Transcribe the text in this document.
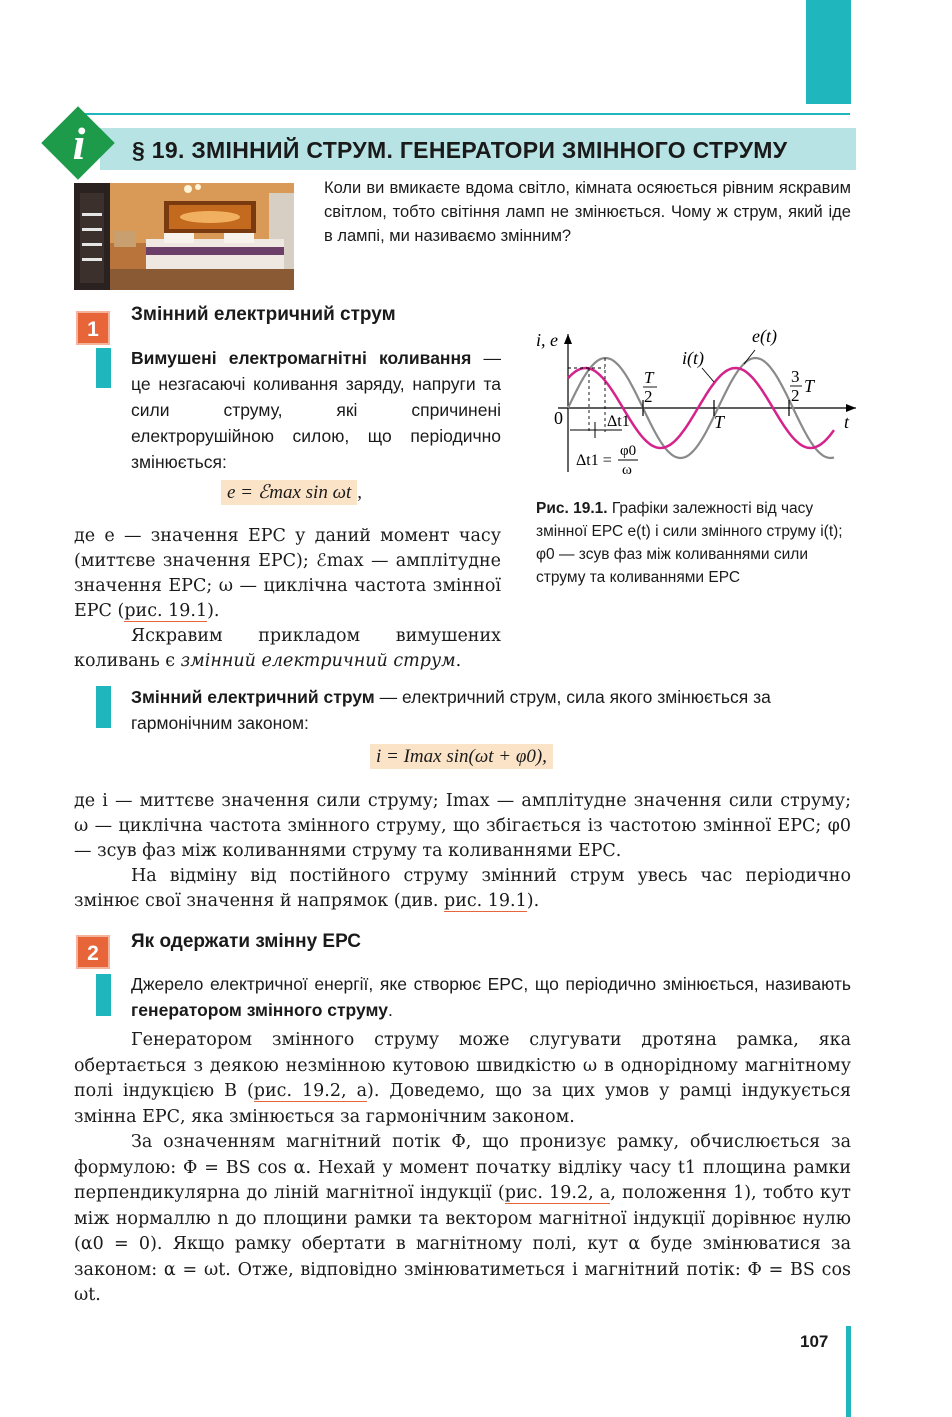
i	§ 19. ЗМІННИЙ СТРУМ. ГЕНЕРАТОРИ ЗМІННОГО СТРУМУ
Коли ви вмикаєте вдома світло, кімната осяюється рівним яскравим світлом, тобто світіння ламп не змінюється. Чому ж струм, який іде в лампі, ми називаємо змінним?
1
Змінний електричний струм
Вимушені електромагнітні коливання — це незгасаючі коливання заряду, напруги та сили струму, які спричинені електрорушійною силою, що періодично змінюється:
e = ℰmax sin ωt ,
де e — значення ЕРС у даний момент часу (миттєве значення ЕРС); ℰmax — амплітудне значення ЕРС; ω — циклічна частота змінної ЕРС (рис. 19.1).
Яскравим прикладом вимушених коливань є змінний електричний струм.
i, e	e(t)
i(t)
t
0	T
T
2
3
2 T
Δt1
Δt1 =
φ0
ω
Рис. 19.1. Графіки залежності від часу змінної ЕРС e(t) і сили змінного струму i(t); φ0 — зсув фаз між коливаннями сили струму та коливаннями ЕРС
Змінний електричний струм — електричний струм, сила якого змінюється за гармонічним законом:
i = Imax sin(ωt + φ0),
де i — миттєве значення сили струму; Imax — амплітудне значення сили струму; ω — циклічна частота змінного струму, що збігається із частотою змінної ЕРС; φ0 — зсув фаз між коливаннями струму та коливаннями ЕРС.
На відміну від постійного струму змінний струм увесь час періодично змінює свої значення й напрямок (див. рис. 19.1).
2
Як одержати змінну ЕРС
Джерело електричної енергії, яке створює ЕРС, що періодично змінюється, називають генератором змінного струму.
Генератором змінного струму може слугувати дротяна рамка, яка обертається з деякою незмінною кутовою швидкістю ω в однорідному магнітному полі індукцією B (рис. 19.2, а). Доведемо, що за цих умов у рамці індукується змінна ЕРС, яка змінюється за гармонічним законом.
За означенням магнітний потік Φ, що пронизує рамку, обчислюється за формулою: Φ = BS cos α. Нехай у момент початку відліку часу t1 площина рамки перпендикулярна до ліній магнітної індукції (рис. 19.2, а, положення 1), тобто кут між нормаллю n до площини рамки та вектором магнітної індукції дорівнює нулю (α0 = 0). Якщо рамку обертати в магнітному полі, кут α буде змінюватися за законом: α = ωt. Отже, відповідно змінюватиметься і магнітний потік: Φ = BS cos ωt.
107
